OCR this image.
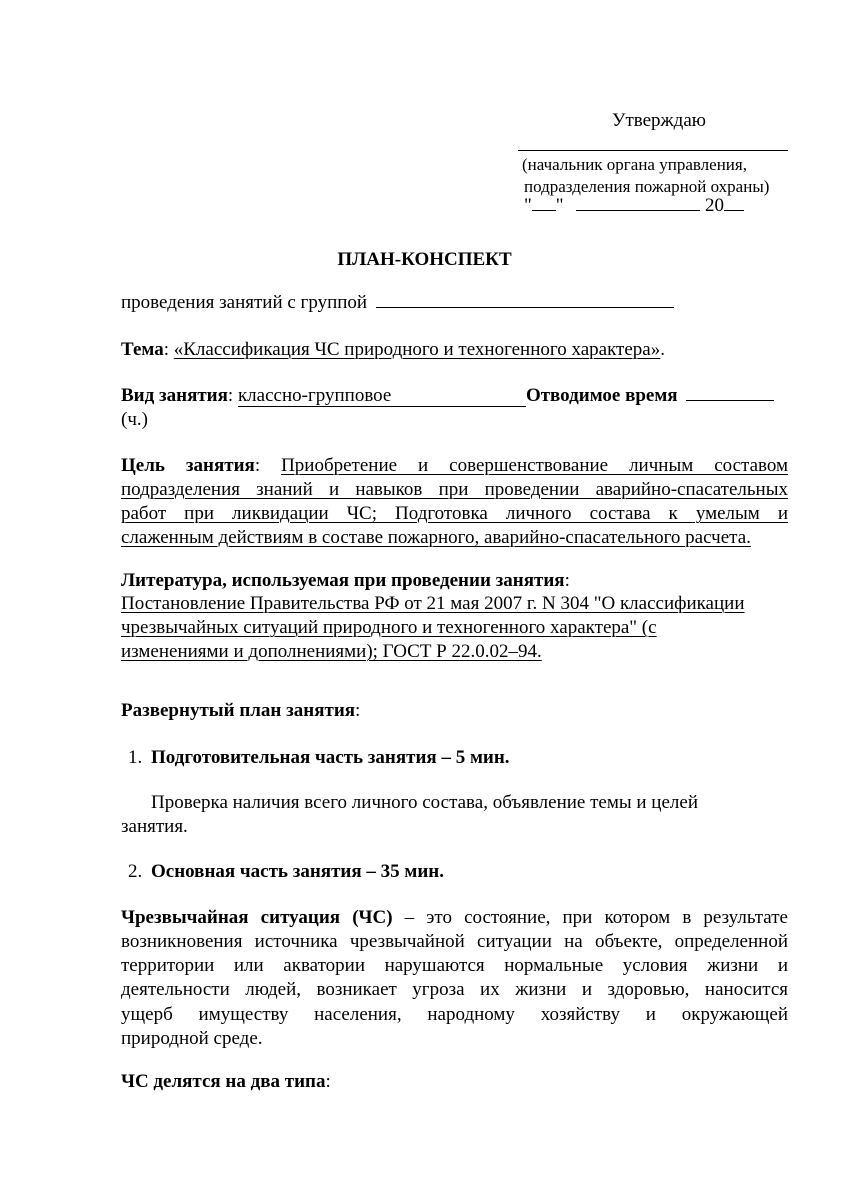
Утверждаю
(начальник органа управления,
подразделения пожарной охраны)
" "	20
ПЛАН-КОНСПЕКТ
проведения занятий с группой
Тема: «Классификация ЧС природного и техногенного характера».
Вид занятия: классно-групповое	Отводимое время
(ч.)
Цель занятия: Приобретение и совершенствование личным составом
подразделения знаний и навыков при проведении аварийно-спасательных
работ при ликвидации ЧС; Подготовка личного состава к умелым и
слаженным действиям в составе пожарного, аварийно-спасательного расчета.
Литература, используемая при проведении занятия:
Постановление Правительства РФ от 21 мая 2007 г. N 304 "О классификации
чрезвычайных ситуаций природного и техногенного характера" (с
изменениями и дополнениями); ГОСТ Р 22.0.02–94.
Развернутый план занятия:
1. Подготовительная часть занятия – 5 мин.
Проверка наличия всего личного состава, объявление темы и целей
занятия.
2. Основная часть занятия – 35 мин.
Чрезвычайная ситуация (ЧС) – это состояние, при котором в результате
возникновения источника чрезвычайной ситуации на объекте, определенной
территории или акватории нарушаются нормальные условия жизни и
деятельности людей, возникает угроза их жизни и здоровью, наносится
ущерб имуществу населения, народному хозяйству и окружающей
природной среде.
ЧС делятся на два типа:
